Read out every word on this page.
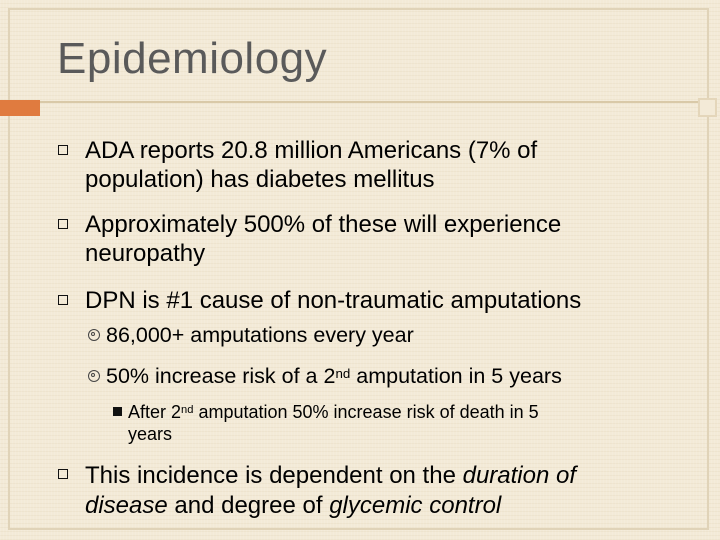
Epidemiology
ADA reports 20.8 million Americans (7% of
population) has diabetes mellitus
Approximately 500% of these will experience
neuropathy
DPN is #1 cause of non-traumatic amputations
86,000+ amputations every year
50% increase risk of a 2nd amputation in 5 years
After 2nd amputation 50% increase risk of death in 5
years
This incidence is dependent on the duration of
disease and degree of glycemic control
